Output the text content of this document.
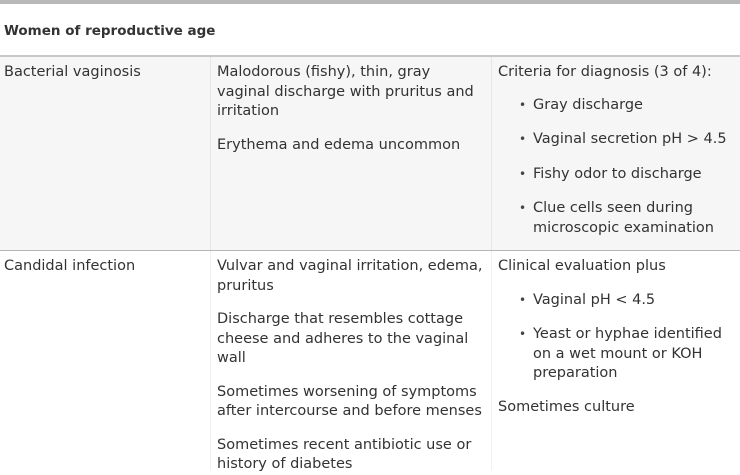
Women of reproductive age
Bacterial vaginosis	Malodorous (fishy), thin, gray vaginal discharge with pruritus and irritation
Erythema and edema uncommon
Criteria for diagnosis (3 of 4):
• Gray discharge
• Vaginal secretion pH > 4.5
• Fishy odor to discharge
• Clue cells seen during microscopic examination
Candidal infection	Vulvar and vaginal irritation, edema, pruritus
Discharge that resembles cottage cheese and adheres to the vaginal wall
Sometimes worsening of symptoms after intercourse and before menses
Sometimes recent antibiotic use or history of diabetes
Clinical evaluation plus
• Vaginal pH < 4.5
• Yeast or hyphae identified on a wet mount or KOH preparation
Sometimes culture
